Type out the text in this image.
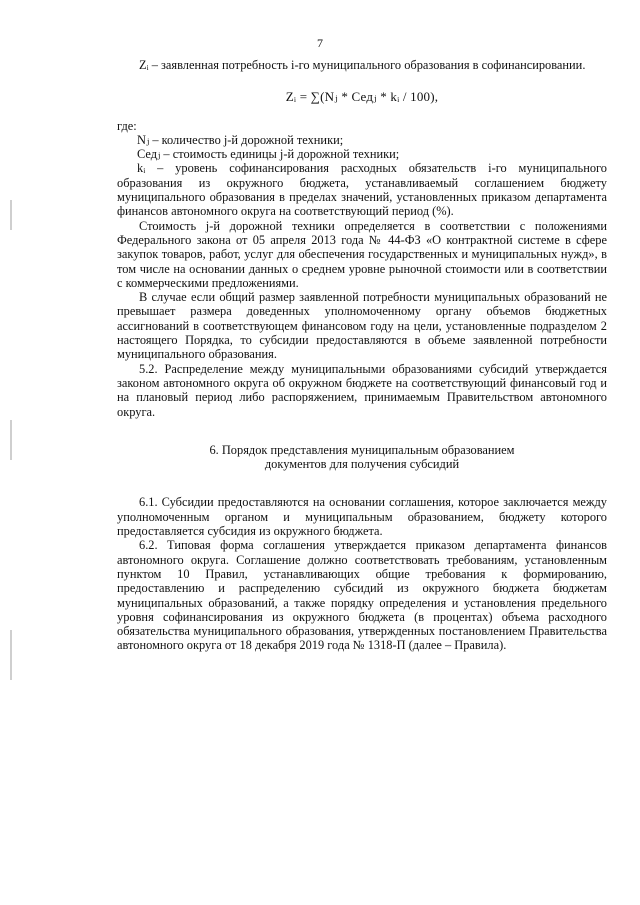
7

Zᵢ – заявленная потребность i-го муниципального образования в софинансировании.

Zᵢ = ∑(Nⱼ * Седⱼ * kᵢ / 100),

где:

Nⱼ – количество j-й дорожной техники;

Седⱼ – стоимость единицы j-й дорожной техники;

kᵢ – уровень софинансирования расходных обязательств i-го муниципального образования из окружного бюджета, устанавливаемый соглашением бюджету муниципального образования в пределах значений, установленных приказом департамента финансов автономного округа на соответствующий период (%).

Стоимость j-й дорожной техники определяется в соответствии с положениями Федерального закона от 05 апреля 2013 года № 44-ФЗ «О контрактной системе в сфере закупок товаров, работ, услуг для обеспечения государственных и муниципальных нужд», в том числе на основании данных о среднем уровне рыночной стоимости или в соответствии с коммерческими предложениями.

В случае если общий размер заявленной потребности муниципальных образований не превышает размера доведенных уполномоченному органу объемов бюджетных ассигнований в соответствующем финансовом году на цели, установленные подразделом 2 настоящего Порядка, то субсидии предоставляются в объеме заявленной потребности муниципального образования.

5.2. Распределение между муниципальными образованиями субсидий утверждается законом автономного округа об окружном бюджете на соответствующий финансовый год и на плановый период либо распоряжением, принимаемым Правительством автономного округа.

6. Порядок представления муниципальным образованием
документов для получения субсидий

6.1. Субсидии предоставляются на основании соглашения, которое заключается между уполномоченным органом и муниципальным образованием, бюджету которого предоставляется субсидия из окружного бюджета.

6.2. Типовая форма соглашения утверждается приказом департамента финансов автономного округа. Соглашение должно соответствовать требованиям, установленным пунктом 10 Правил, устанавливающих общие требования к формированию, предоставлению и распределению субсидий из окружного бюджета бюджетам муниципальных образований, а также порядку определения и установления предельного уровня софинансирования из окружного бюджета (в процентах) объема расходного обязательства муниципального образования, утвержденных постановлением Правительства автономного округа от 18 декабря 2019 года № 1318-П (далее – Правила).
